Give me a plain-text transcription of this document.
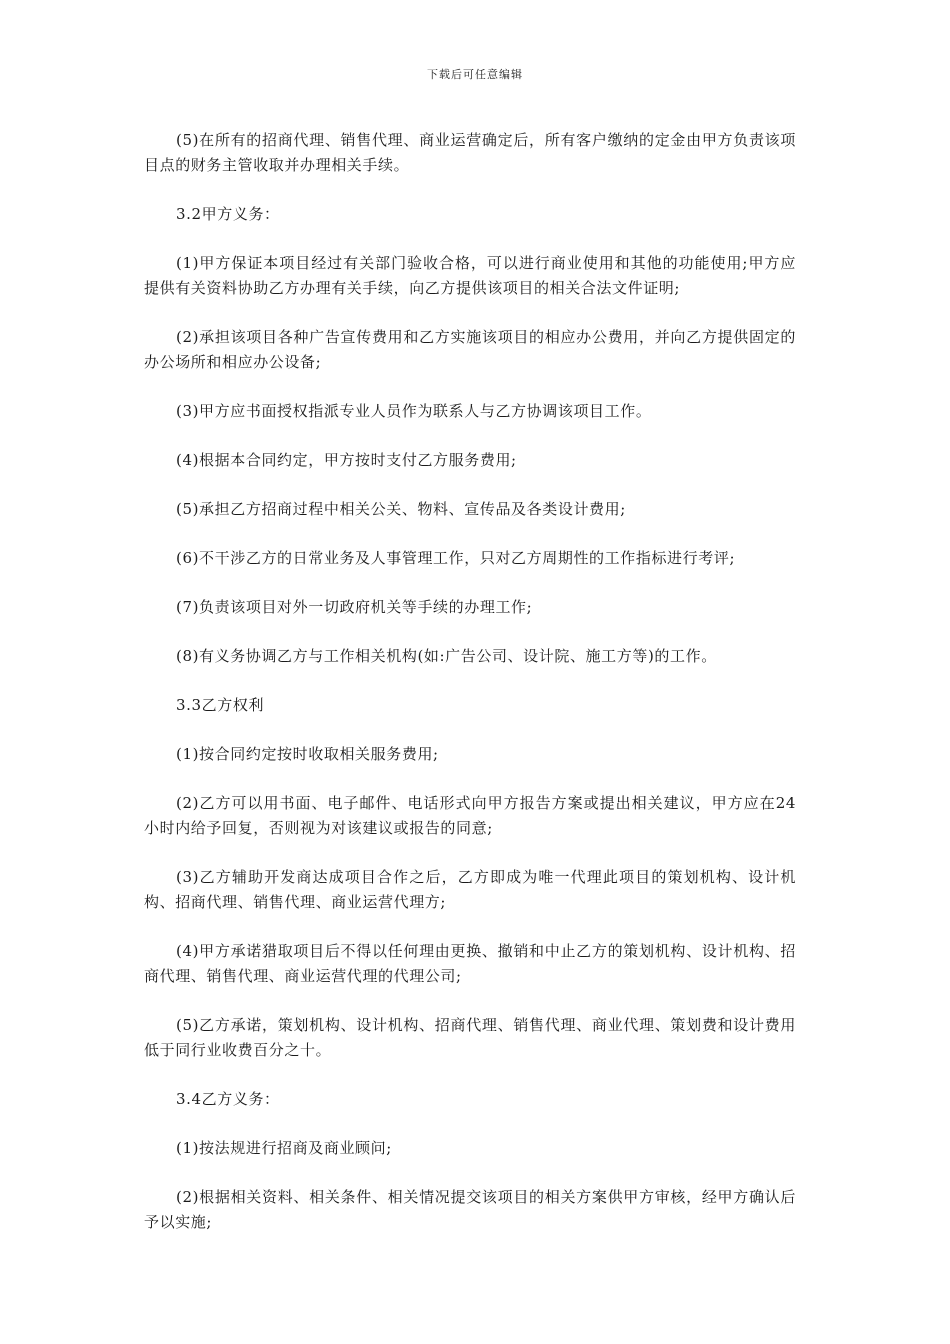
下载后可任意编辑

(5)在所有的招商代理、销售代理、商业运营确定后，所有客户缴纳的定金由甲方负责该项目点的财务主管收取并办理相关手续。

3.2甲方义务：

(1)甲方保证本项目经过有关部门验收合格，可以进行商业使用和其他的功能使用;甲方应提供有关资料协助乙方办理有关手续，向乙方提供该项目的相关合法文件证明;

(2)承担该项目各种广告宣传费用和乙方实施该项目的相应办公费用，并向乙方提供固定的办公场所和相应办公设备;

(3)甲方应书面授权指派专业人员作为联系人与乙方协调该项目工作。

(4)根据本合同约定，甲方按时支付乙方服务费用;

(5)承担乙方招商过程中相关公关、物料、宣传品及各类设计费用;

(6)不干涉乙方的日常业务及人事管理工作，只对乙方周期性的工作指标进行考评;

(7)负责该项目对外一切政府机关等手续的办理工作;

(8)有义务协调乙方与工作相关机构(如:广告公司、设计院、施工方等)的工作。

3.3乙方权利

(1)按合同约定按时收取相关服务费用;

(2)乙方可以用书面、电子邮件、电话形式向甲方报告方案或提出相关建议，甲方应在24小时内给予回复，否则视为对该建议或报告的同意;

(3)乙方辅助开发商达成项目合作之后，乙方即成为唯一代理此项目的策划机构、设计机构、招商代理、销售代理、商业运营代理方;

(4)甲方承诺猎取项目后不得以任何理由更换、撤销和中止乙方的策划机构、设计机构、招商代理、销售代理、商业运营代理的代理公司;

(5)乙方承诺，策划机构、设计机构、招商代理、销售代理、商业代理、策划费和设计费用低于同行业收费百分之十。

3.4乙方义务：

(1)按法规进行招商及商业顾问;

(2)根据相关资料、相关条件、相关情况提交该项目的相关方案供甲方审核，经甲方确认后予以实施;
